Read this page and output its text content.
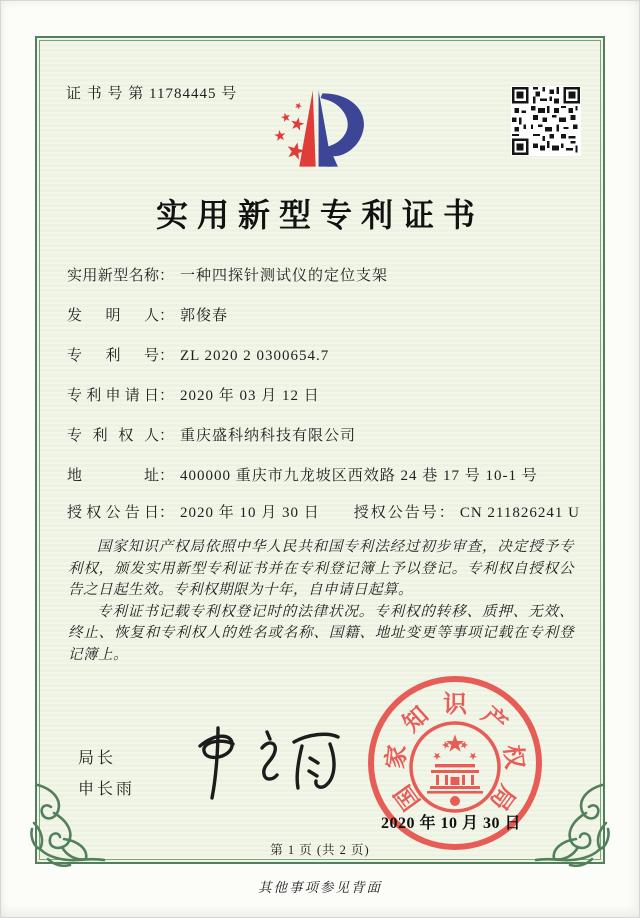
证 书 号 第 11784445 号
实用新型专利证书
实用新型名称： 一种四探针测试仪的定位支架
发明人： 郭俊春
专利号： ZL 2020 2 0300654.7
专利申请日： 2020 年 03 月 12 日
专利权人： 重庆盛科纳科技有限公司
地址： 400000 重庆市九龙坡区西效路 24 巷 17 号 10-1 号
授权公告日： 2020 年 10 月 30 日 授权公告号： CN 211826241 U

国家知识产权局依照中华人民共和国专利法经过初步审查，决定授予专利权，颁发实用新型专利证书并在专利登记簿上予以登记。专利权自授权公告之日起生效。专利权期限为十年，自申请日起算。

专利证书记载专利权登记时的法律状况。专利权的转移、质押、无效、终止、恢复和专利权人的姓名或名称、国籍、地址变更等事项记载在专利登记簿上。

局长
申长雨	国
家
知 识 产
权
局
2020 年 10 月 30 日
第 1 页 (共 2 页)
其他事项参见背面
